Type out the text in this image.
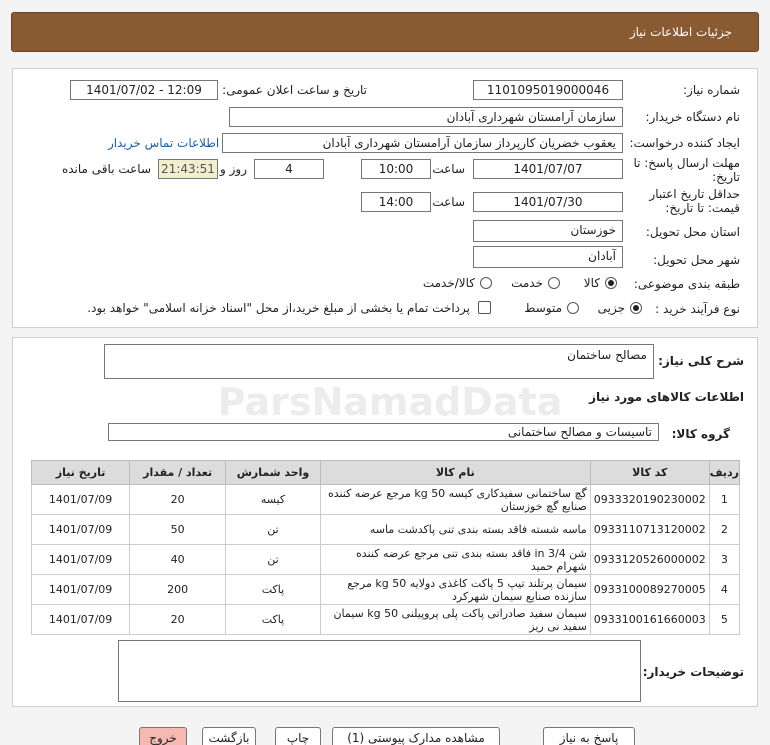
جزئیات اطلاعات نیاز
شماره نیاز:
1101095019000046
تاریخ و ساعت اعلان عمومی:
1401/07/02 - 12:09
نام دستگاه خریدار:
سازمان آرامستان شهرداری آبادان
ایجاد کننده درخواست:
یعقوب خضریان کارپرداز سازمان آرامستان شهرداری آبادان
اطلاعات تماس خریدار
مهلت ارسال پاسخ: تا
تاریخ:
1401/07/07
ساعت
10:00
4
روز و
21:43:51
ساعت باقی مانده
حداقل تاریخ اعتبار
قیمت: تا تاریخ:
1401/07/30
ساعت
14:00
استان محل تحویل:
خوزستان
شهر محل تحویل:
آبادان
طبقه بندی موضوعی:
کالا
خدمت
کالا/خدمت
نوع فرآیند خرید :
جزیی
متوسط
پرداخت تمام یا بخشی از مبلغ خرید،از محل "اسناد خزانه اسلامی" خواهد بود.
شرح کلی نیاز:
مصالح ساختمان
اطلاعات کالاهای مورد نیاز
گروه کالا:
تاسیسات و مصالح ساختمانی
ردیف	کد کالا	نام کالا	واحد شمارش	تعداد / مقدار	تاریخ نیاز
1	0933320190230002	گچ ساختمانی سفیدکاری کیسه 50 kg مرجع عرضه کننده صنایع گچ خوزستان	کیسه	20	1401/07/09
2	0933110713120002	ماسه شسته فاقد بسته بندی تنی پاکدشت ماسه	تن	50	1401/07/09
3	0933120526000002	شن 3/4 in فاقد بسته بندی تنی مرجع عرضه کننده شهرام حمید	تن	40	1401/07/09
4	0933100089270005	سیمان پرتلند تیپ 5 پاکت کاغذی دولایه 50 kg مرجع سازنده صنایع سیمان شهرکرد	پاکت	200	1401/07/09
5	0933100161660003	سیمان سفید صادراتی پاکت پلی پروپیلنی 50 kg سیمان سفید نی ریز	پاکت	20	1401/07/09
توضیحات خریدار:
پاسخ به نیاز
مشاهده مدارک پیوستی (1)
چاپ
بازگشت
خروج
